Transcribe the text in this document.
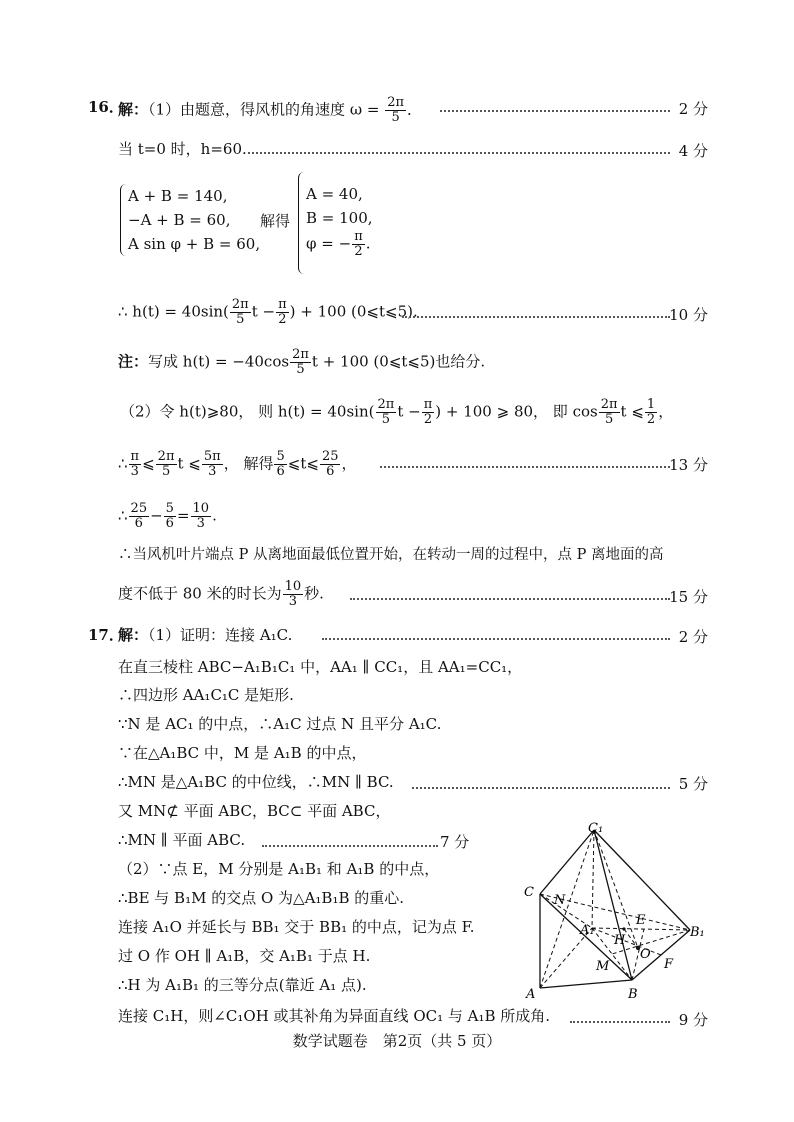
16．
解：（1）由题意，得风机的角速度 $\omega = \frac{2\pi}{5}$ ．	2 分
当 t=0 时，h=60.	4 分
A + B = 140,
−A + B = 60,
A sin φ + B = 60,
解得
A = 40,
B = 100,
φ = − $\frac{\pi}{2}$ .
∴ $h(t) = 40\sin( \frac{2\pi}{5}$ $t - \frac{\pi}{2}$ ) + 100 (0⩽t⩽5).	10 分
注：写成 $h(t) = -40\cos \frac{2\pi}{5}$ t + 100 (0⩽t⩽5)也给分.
（2）令 h(t)⩾80， 则 $h(t) = 40\sin( \frac{2\pi}{5}$ $t - \frac{\pi}{2}$ ) + 100 ⩾ 80， 即 $\cos \frac{2\pi}{5}$ t ⩽ $\frac{1}{2}$ ，
∴ $\frac{\pi}{3}$ ⩽ $\frac{2\pi}{5}$ t ⩽ $\frac{5\pi}{3}$ ， 解得 $\frac{5}{6}$ ⩽t⩽ $\frac{25}{6}$ ，	13 分
∴ $\frac{25}{6} - \frac{5}{6} = \frac{10}{3}$ .
∴当风机叶片端点 P 从离地面最低位置开始，在转动一周的过程中，点 P 离地面的高
度不低于 80 米的时长为 $\frac{10}{3}$ 秒.	15 分
17．
解：（1）证明：连接 A₁C.	2 分
在直三棱柱 ABC−A₁B₁C₁ 中，AA₁ ∥ CC₁，且 AA₁=CC₁，
∴四边形 AA₁C₁C 是矩形.
∵N 是 AC₁ 的中点，∴A₁C 过点 N 且平分 A₁C.
∵在△A₁BC 中，M 是 A₁B 的中点，
∴MN 是△A₁BC 的中位线，∴MN ∥ BC.	5 分
又 MN⊄ 平面 ABC，BC⊂ 平面 ABC，
∴MN ∥ 平面 ABC.	7 分
（2）∵点 E，M 分别是 A₁B₁ 和 A₁B 的中点，
∴BE 与 B₁M 的交点 O 为△A₁B₁B 的重心.
连接 A₁O 并延长与 BB₁ 交于 BB₁ 的中点，记为点 F.
过 O 作 OH ∥ A₁B，交 A₁B₁ 于点 H.
∴H 为 A₁B₁ 的三等分点(靠近 A₁ 点).
连接 C₁H，则∠C₁OH 或其补角为异面直线 OC₁ 与 A₁B 所成角.	9 分
C₁
C
N
A₁
E
H
B₁
O
M	F
A	B
数学试题卷　第2页（共 5 页）
